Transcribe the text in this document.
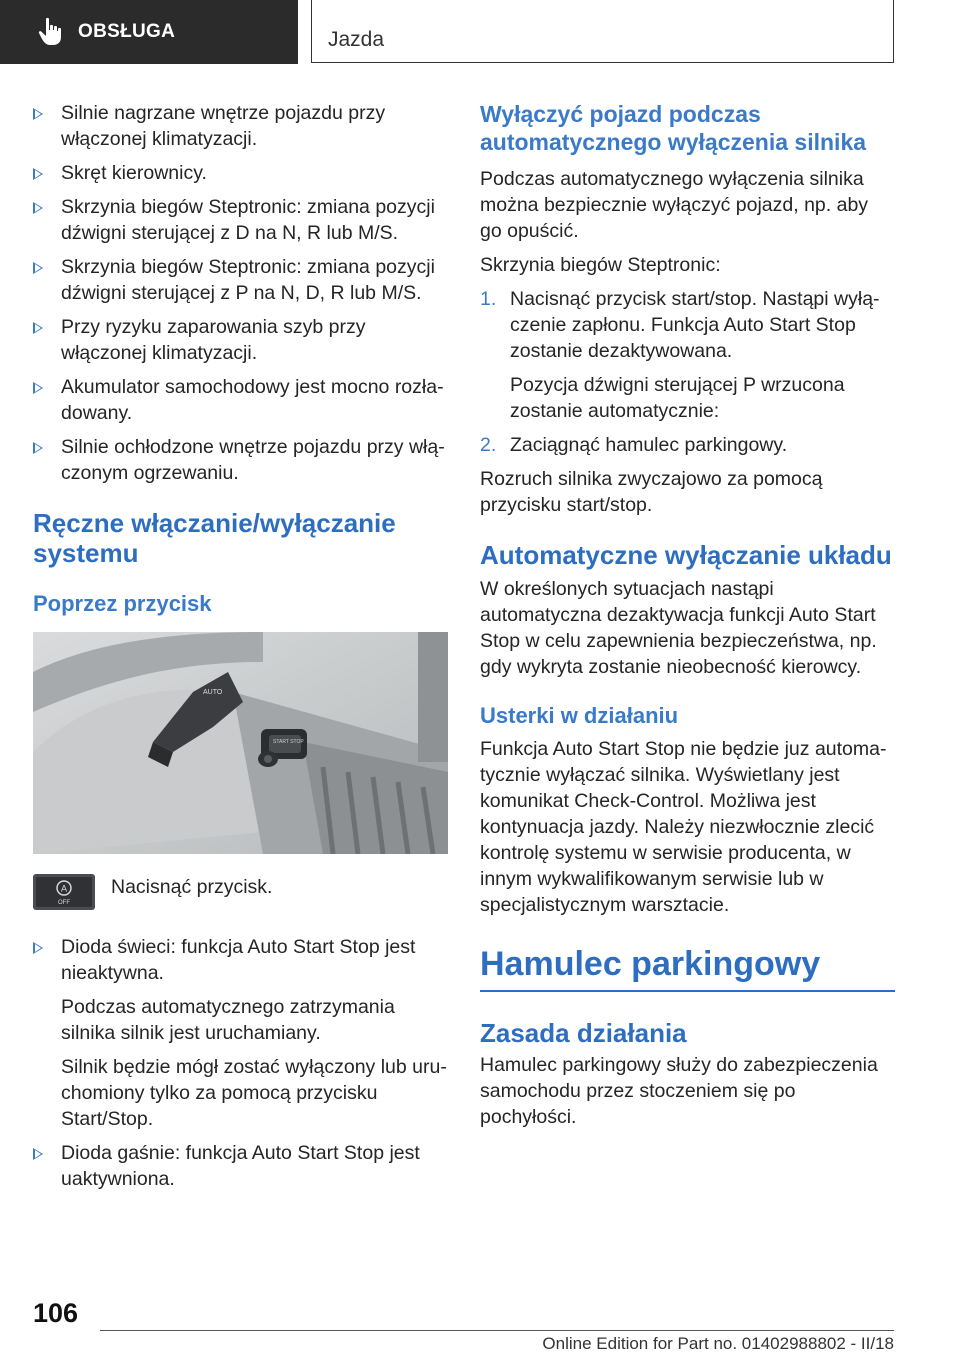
OBSŁUGA	Jazda
Silnie nagrzane wnętrze pojazdu przy włączonej klimatyzacji.
Skręt kierownicy.
Skrzynia biegów Steptronic: zmiana pozycji dźwigni sterującej z D na N, R lub M/S.
Skrzynia biegów Steptronic: zmiana pozycji dźwigni sterującej z P na N, D, R lub M/S.
Przy ryzyku zaparowania szyb przy włączonej klimatyzacji.
Akumulator samochodowy jest mocno rozładowany.
Silnie ochłodzone wnętrze pojazdu przy włączonym ogrzewaniu.
Ręczne włączanie/wyłączanie systemu
Poprzez przycisk
AUTO
START STOP
A
OFF
Nacisnąć przycisk.

Dioda świeci: funkcja Auto Start Stop jest nieaktywna.

Podczas automatycznego zatrzymania silnika silnik jest uruchamiany.

Silnik będzie mógł zostać wyłączony lub uruchomiony tylko za pomocą przycisku Start/Stop.

Dioda gaśnie: funkcja Auto Start Stop jest uaktywniona.
Wyłączyć pojazd podczas automatycznego wyłączenia silnika

Podczas automatycznego wyłączenia silnika można bezpiecznie wyłączyć pojazd, np. aby go opuścić.

Skrzynia biegów Steptronic:

1. Nacisnąć przycisk start/stop. Nastąpi wyłączenie zapłonu. Funkcja Auto Start Stop zostanie dezaktywowana.

Pozycja dźwigni sterującej P wrzucona zostanie automatycznie:

2. Zaciągnąć hamulec parkingowy.

Rozruch silnika zwyczajowo za pomocą przycisku start/stop.

Automatyczne wyłączanie układu

W określonych sytuacjach nastąpi automatyczna dezaktywacja funkcji Auto Start Stop w celu zapewnienia bezpieczeństwa, np. gdy wykryta zostanie nieobecność kierowcy.

Usterki w działaniu

Funkcja Auto Start Stop nie będzie juz automatycznie wyłączać silnika. Wyświetlany jest komunikat Check-Control. Możliwa jest kontynuacja jazdy. Należy niezwłocznie zlecić kontrolę systemu w serwisie producenta, w innym wykwalifikowanym serwisie lub w specjalistycznym warsztacie.

Hamulec parkingowy
Zasada działania

Hamulec parkingowy służy do zabezpieczenia samochodu przez stoczeniem się po pochyłości.

106
Online Edition for Part no. 01402988802 - II/18
